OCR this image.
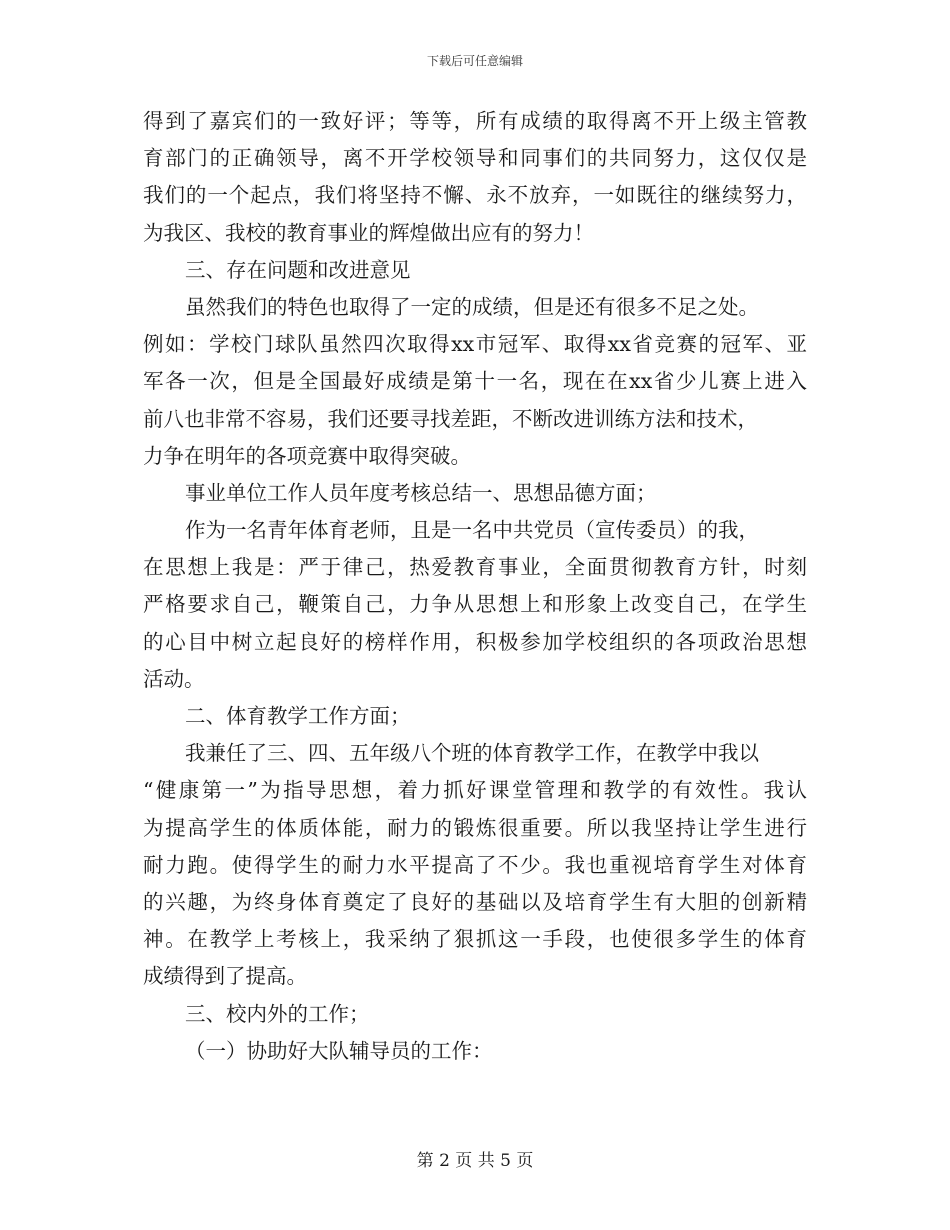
下载后可任意编辑
得到了嘉宾们的一致好评；等等，所有成绩的取得离不开上级主管教
育部门的正确领导，离不开学校领导和同事们的共同努力，这仅仅是
我们的一个起点，我们将坚持不懈、永不放弃，一如既往的继续努力，
为我区、我校的教育事业的辉煌做出应有的努力！
三、存在问题和改进意见
虽然我们的特色也取得了一定的成绩，但是还有很多不足之处。
例如：学校门球队虽然四次取得xx市冠军、取得xx省竞赛的冠军、亚
军各一次，但是全国最好成绩是第十一名，现在在xx省少儿赛上进入
前八也非常不容易，我们还要寻找差距，不断改进训练方法和技术，
力争在明年的各项竞赛中取得突破。
事业单位工作人员年度考核总结一、思想品德方面；
作为一名青年体育老师，且是一名中共党员（宣传委员）的我，
在思想上我是：严于律己，热爱教育事业，全面贯彻教育方针，时刻
严格要求自己，鞭策自己，力争从思想上和形象上改变自己，在学生
的心目中树立起良好的榜样作用，积极参加学校组织的各项政治思想
活动。
二、体育教学工作方面；
我兼任了三、四、五年级八个班的体育教学工作，在教学中我以
“健康第一”为指导思想，着力抓好课堂管理和教学的有效性。我认
为提高学生的体质体能，耐力的锻炼很重要。所以我坚持让学生进行
耐力跑。使得学生的耐力水平提高了不少。我也重视培育学生对体育
的兴趣，为终身体育奠定了良好的基础以及培育学生有大胆的创新精
神。在教学上考核上，我采纳了狠抓这一手段，也使很多学生的体育
成绩得到了提高。
三、校内外的工作；
（一）协助好大队辅导员的工作：
第 2 页 共 5 页
